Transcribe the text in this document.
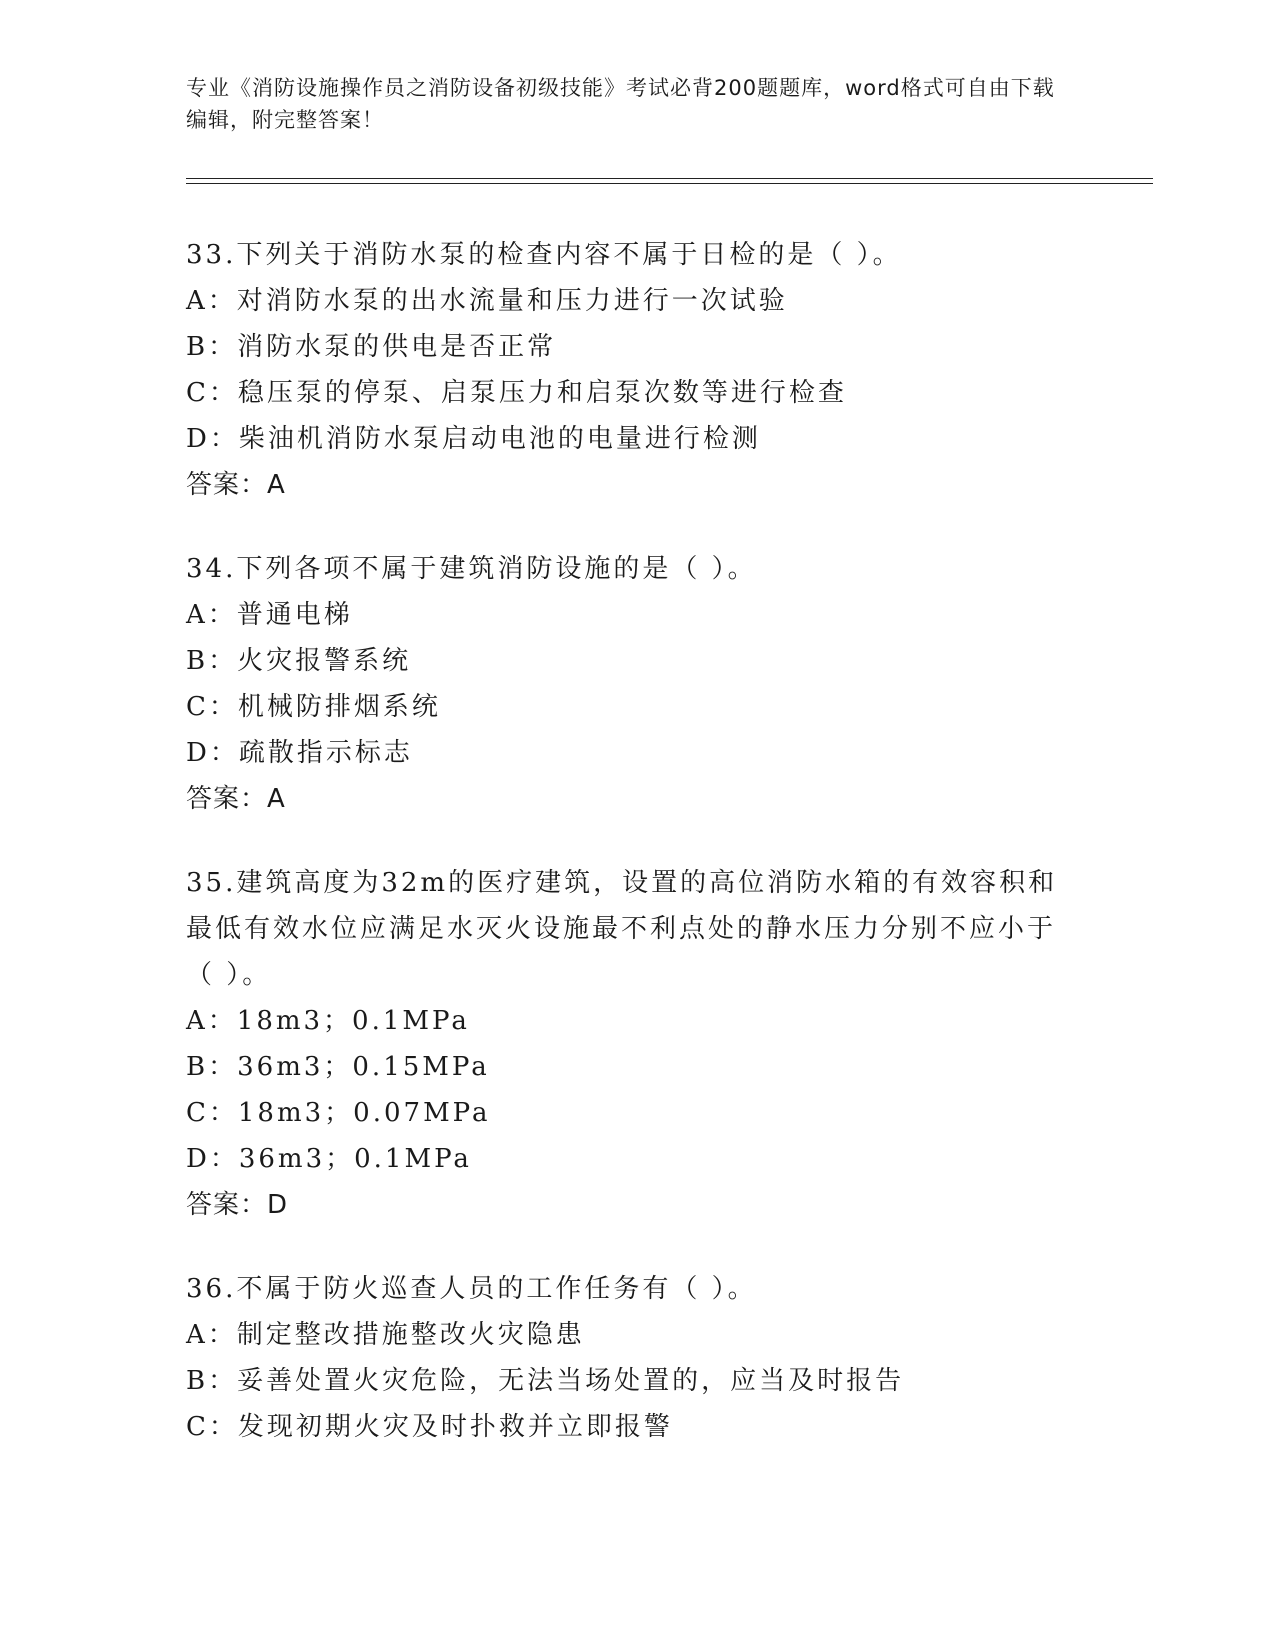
专业《消防设施操作员之消防设备初级技能》考试必背200题题库，word格式可自由下载编辑，附完整答案！
33.下列关于消防水泵的检查内容不属于日检的是（ ）。
A：对消防水泵的出水流量和压力进行一次试验
B：消防水泵的供电是否正常
C：稳压泵的停泵、启泵压力和启泵次数等进行检查
D：柴油机消防水泵启动电池的电量进行检测
答案：A
34.下列各项不属于建筑消防设施的是（ ）。
A：普通电梯
B：火灾报警系统
C：机械防排烟系统
D：疏散指示标志
答案：A
35.建筑高度为32m的医疗建筑，设置的高位消防水箱的有效容积和最低有效水位应满足水灭火设施最不利点处的静水压力分别不应小于（ ）。
A：18m3；0.1MPa
B：36m3；0.15MPa
C：18m3；0.07MPa
D：36m3；0.1MPa
答案：D
36.不属于防火巡查人员的工作任务有（ ）。
A：制定整改措施整改火灾隐患
B：妥善处置火灾危险，无法当场处置的，应当及时报告
C：发现初期火灾及时扑救并立即报警
